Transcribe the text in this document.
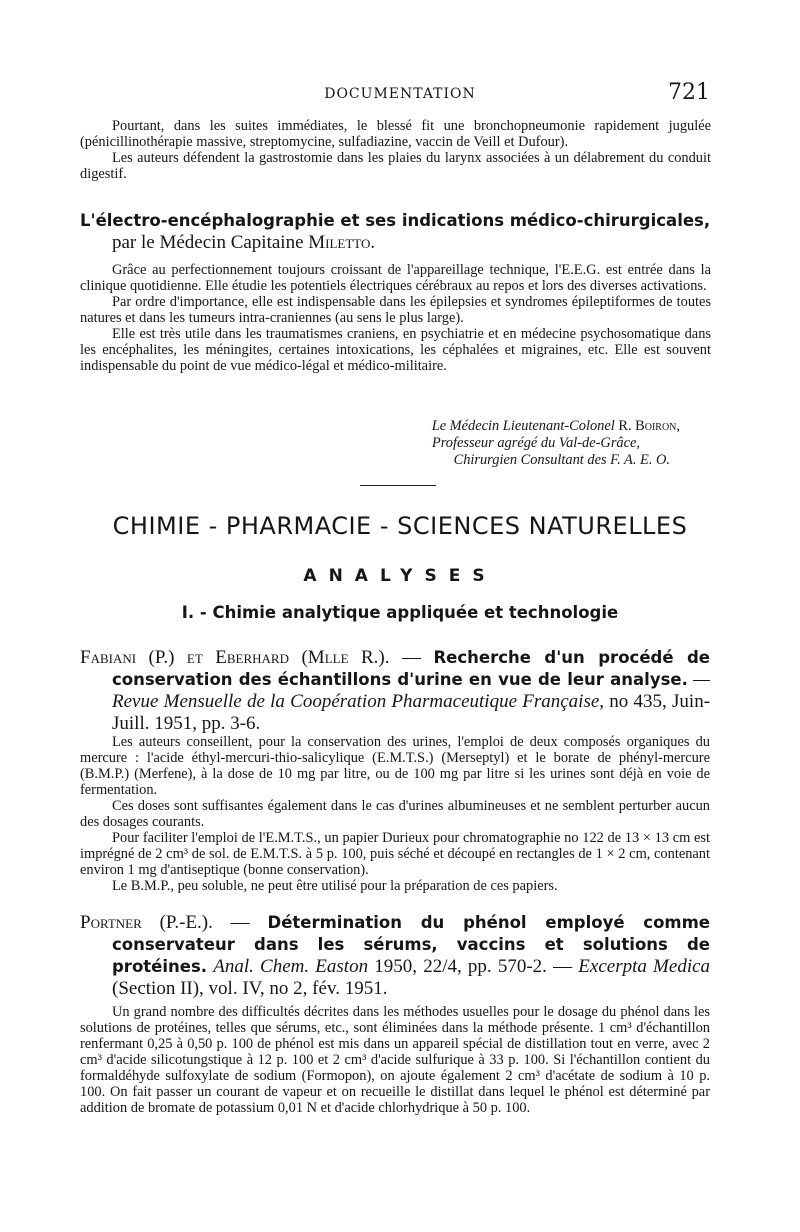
DOCUMENTATION	721

Pourtant, dans les suites immédiates, le blessé fit une bronchopneumonie rapidement jugulée (pénicillinothérapie massive, streptomycine, sulfadiazine, vaccin de Veill et Dufour).

Les auteurs défendent la gastrostomie dans les plaies du larynx associées à un délabrement du conduit digestif.

L'électro-encéphalographie et ses indications médico-chirurgicales,
par le Médecin Capitaine Miletto.

Grâce au perfectionnement toujours croissant de l'appareillage technique, l'E.E.G. est entrée dans la clinique quotidienne. Elle étudie les potentiels électriques cérébraux au repos et lors des diverses activations.

Par ordre d'importance, elle est indispensable dans les épilepsies et syndromes épileptiformes de toutes natures et dans les tumeurs intra-craniennes (au sens le plus large).

Elle est très utile dans les traumatismes craniens, en psychiatrie et en médecine psychosomatique dans les encéphalites, les méningites, certaines intoxications, les céphalées et migraines, etc. Elle est souvent indispensable du point de vue médico-légal et médico-militaire.

Le Médecin Lieutenant-Colonel R. Boiron,
Professeur agrégé du Val-de-Grâce,
Chirurgien Consultant des F. A. E. O.
CHIMIE - PHARMACIE - SCIENCES NATURELLES
ANALYSES
I. - Chimie analytique appliquée et technologie
Fabiani (P.) et Eberhard (Mlle R.). — Recherche d'un procédé de conservation des échantillons d'urine en vue de leur analyse. — Revue Mensuelle de la Coopération Pharmaceutique Française, no 435, Juin-Juill. 1951, pp. 3-6.

Les auteurs conseillent, pour la conservation des urines, l'emploi de deux composés organiques du mercure : l'acide éthyl-mercuri-thio-salicylique (E.M.T.S.) (Merseptyl) et le borate de phényl-mercure (B.M.P.) (Merfene), à la dose de 10 mg par litre, ou de 100 mg par litre si les urines sont déjà en voie de fermentation.

Ces doses sont suffisantes également dans le cas d'urines albumineuses et ne semblent perturber aucun des dosages courants.

Pour faciliter l'emploi de l'E.M.T.S., un papier Durieux pour chromatographie no 122 de 13 × 13 cm est imprégné de 2 cm³ de sol. de E.M.T.S. à 5 p. 100, puis séché et découpé en rectangles de 1 × 2 cm, contenant environ 1 mg d'antiseptique (bonne conservation).

Le B.M.P., peu soluble, ne peut être utilisé pour la préparation de ces papiers.

Portner (P.-E.). — Détermination du phénol employé comme conservateur dans les sérums, vaccins et solutions de protéines. Anal. Chem. Easton 1950, 22/4, pp. 570-2. — Excerpta Medica (Section II), vol. IV, no 2, fév. 1951.

Un grand nombre des difficultés décrites dans les méthodes usuelles pour le dosage du phénol dans les solutions de protéines, telles que sérums, etc., sont éliminées dans la méthode présente. 1 cm³ d'échantillon renfermant 0,25 à 0,50 p. 100 de phénol est mis dans un appareil spécial de distillation tout en verre, avec 2 cm³ d'acide silicotungstique à 12 p. 100 et 2 cm³ d'acide sulfurique à 33 p. 100. Si l'échantillon contient du formaldéhyde sulfoxylate de sodium (Formopon), on ajoute également 2 cm³ d'acétate de sodium à 10 p. 100. On fait passer un courant de vapeur et on recueille le distillat dans lequel le phénol est déterminé par addition de bromate de potassium 0,01 N et d'acide chlorhydrique à 50 p. 100.
